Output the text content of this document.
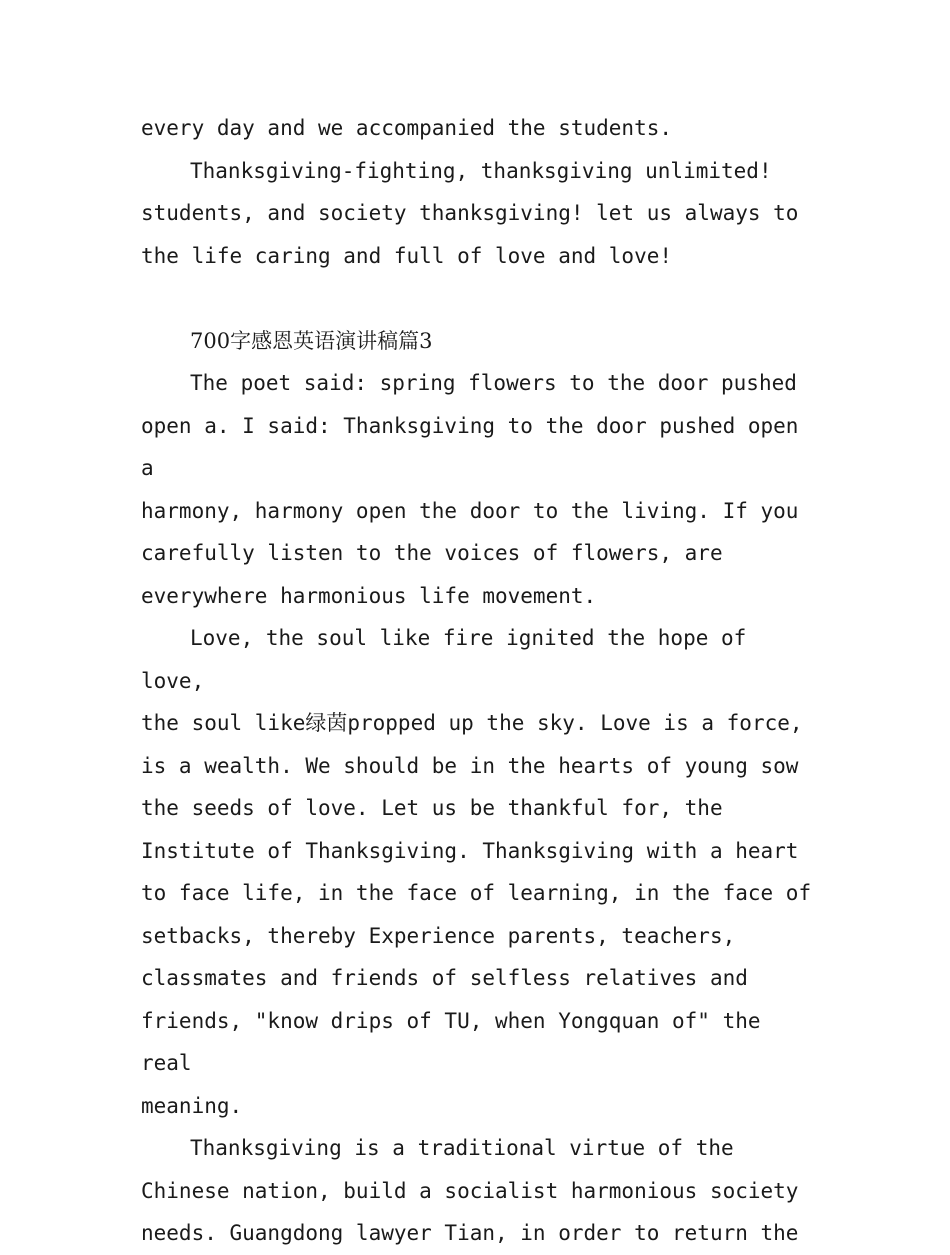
every day and we accompanied the students.

Thanksgiving-fighting, thanksgiving unlimited!

students, and society thanksgiving! let us always to

the life caring and full of love and love!

700字感恩英语演讲稿篇3

The poet said: spring flowers to the door pushed

open a. I said: Thanksgiving to the door pushed open a

harmony, harmony open the door to the living. If you

carefully listen to the voices of flowers, are

everywhere harmonious life movement.

Love, the soul like fire ignited the hope of love,

the soul like绿茵propped up the sky. Love is a force,

is a wealth. We should be in the hearts of young sow

the seeds of love. Let us be thankful for, the

Institute of Thanksgiving. Thanksgiving with a heart

to face life, in the face of learning, in the face of

setbacks, thereby Experience parents, teachers,

classmates and friends of selfless relatives and

friends, "know drips of TU, when Yongquan of" the real

meaning.

Thanksgiving is a traditional virtue of the

Chinese nation, build a socialist harmonious society

needs. Guangdong lawyer Tian, in order to return the
